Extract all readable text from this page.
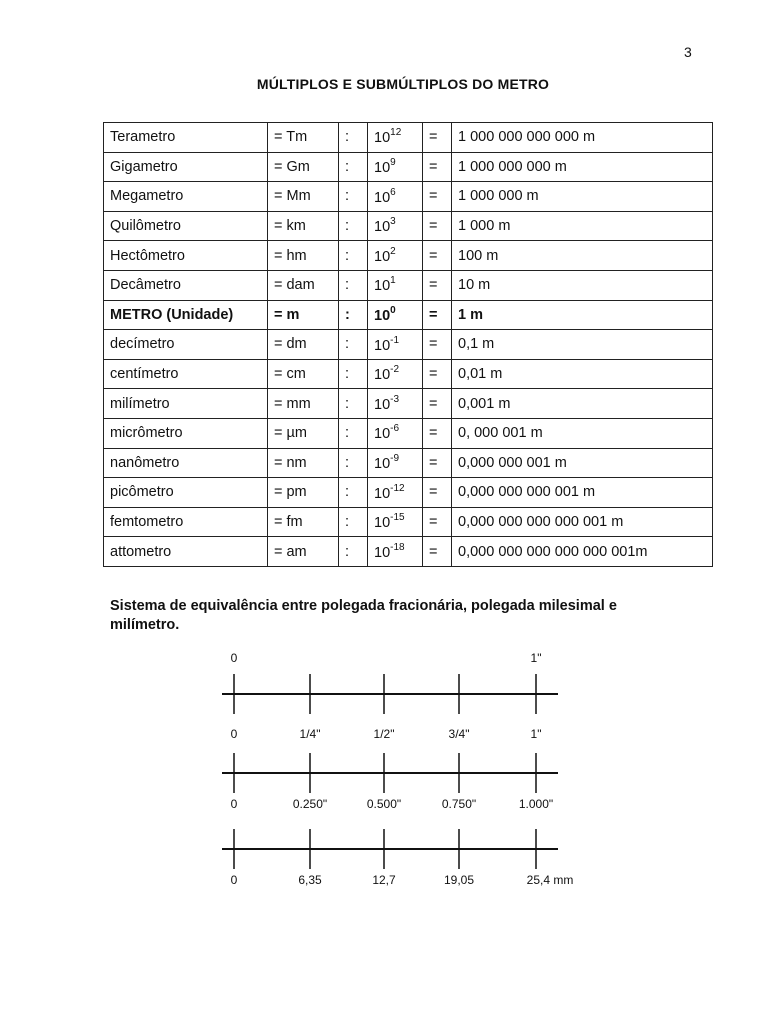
3
MÚLTIPLOS E SUBMÚLTIPLOS DO METRO
Terametro	= Tm	:	$10^{12}$	=	1 000 000 000 000 m
Gigametro	= Gm	:	$10^9$	=	1 000 000 000 m
Megametro	= Mm	:	$10^6$	=	1 000 000 m
Quilômetro	= km	:	$10^3$	=	1 000 m
Hectômetro	= hm	:	$10^2$	=	100 m
Decâmetro	= dam	:	$10^1$	=	10 m
METRO (Unidade)	= m	:	$10^0$	=	1 m
decímetro	= dm	:	$10^{-1}$	=	0,1 m
centímetro	= cm	:	$10^{-2}$	=	0,01 m
milímetro	= mm	:	$10^{-3}$	=	0,001 m
micrômetro	= µm	:	$10^{-6}$	=	0, 000 001 m
nanômetro	= nm	:	$10^{-9}$	=	0,000 000 001 m
picômetro	= pm	:	$10^{-12}$	=	0,000 000 000 001 m
femtometro	= fm	:	$10^{-15}$	=	0,000 000 000 000 001 m
attometro	= am	:	$10^{-18}$	=	0,000 000 000 000 000 001m
Sistema de equivalência entre polegada fracionária, polegada milesimal e milímetro.
0	1"
0	1/4"	1/2"	3/4"	1"
0	0.250"	0.500"	0.750"	1.000"
0	6,35	12,7	19,05	25,4 mm
